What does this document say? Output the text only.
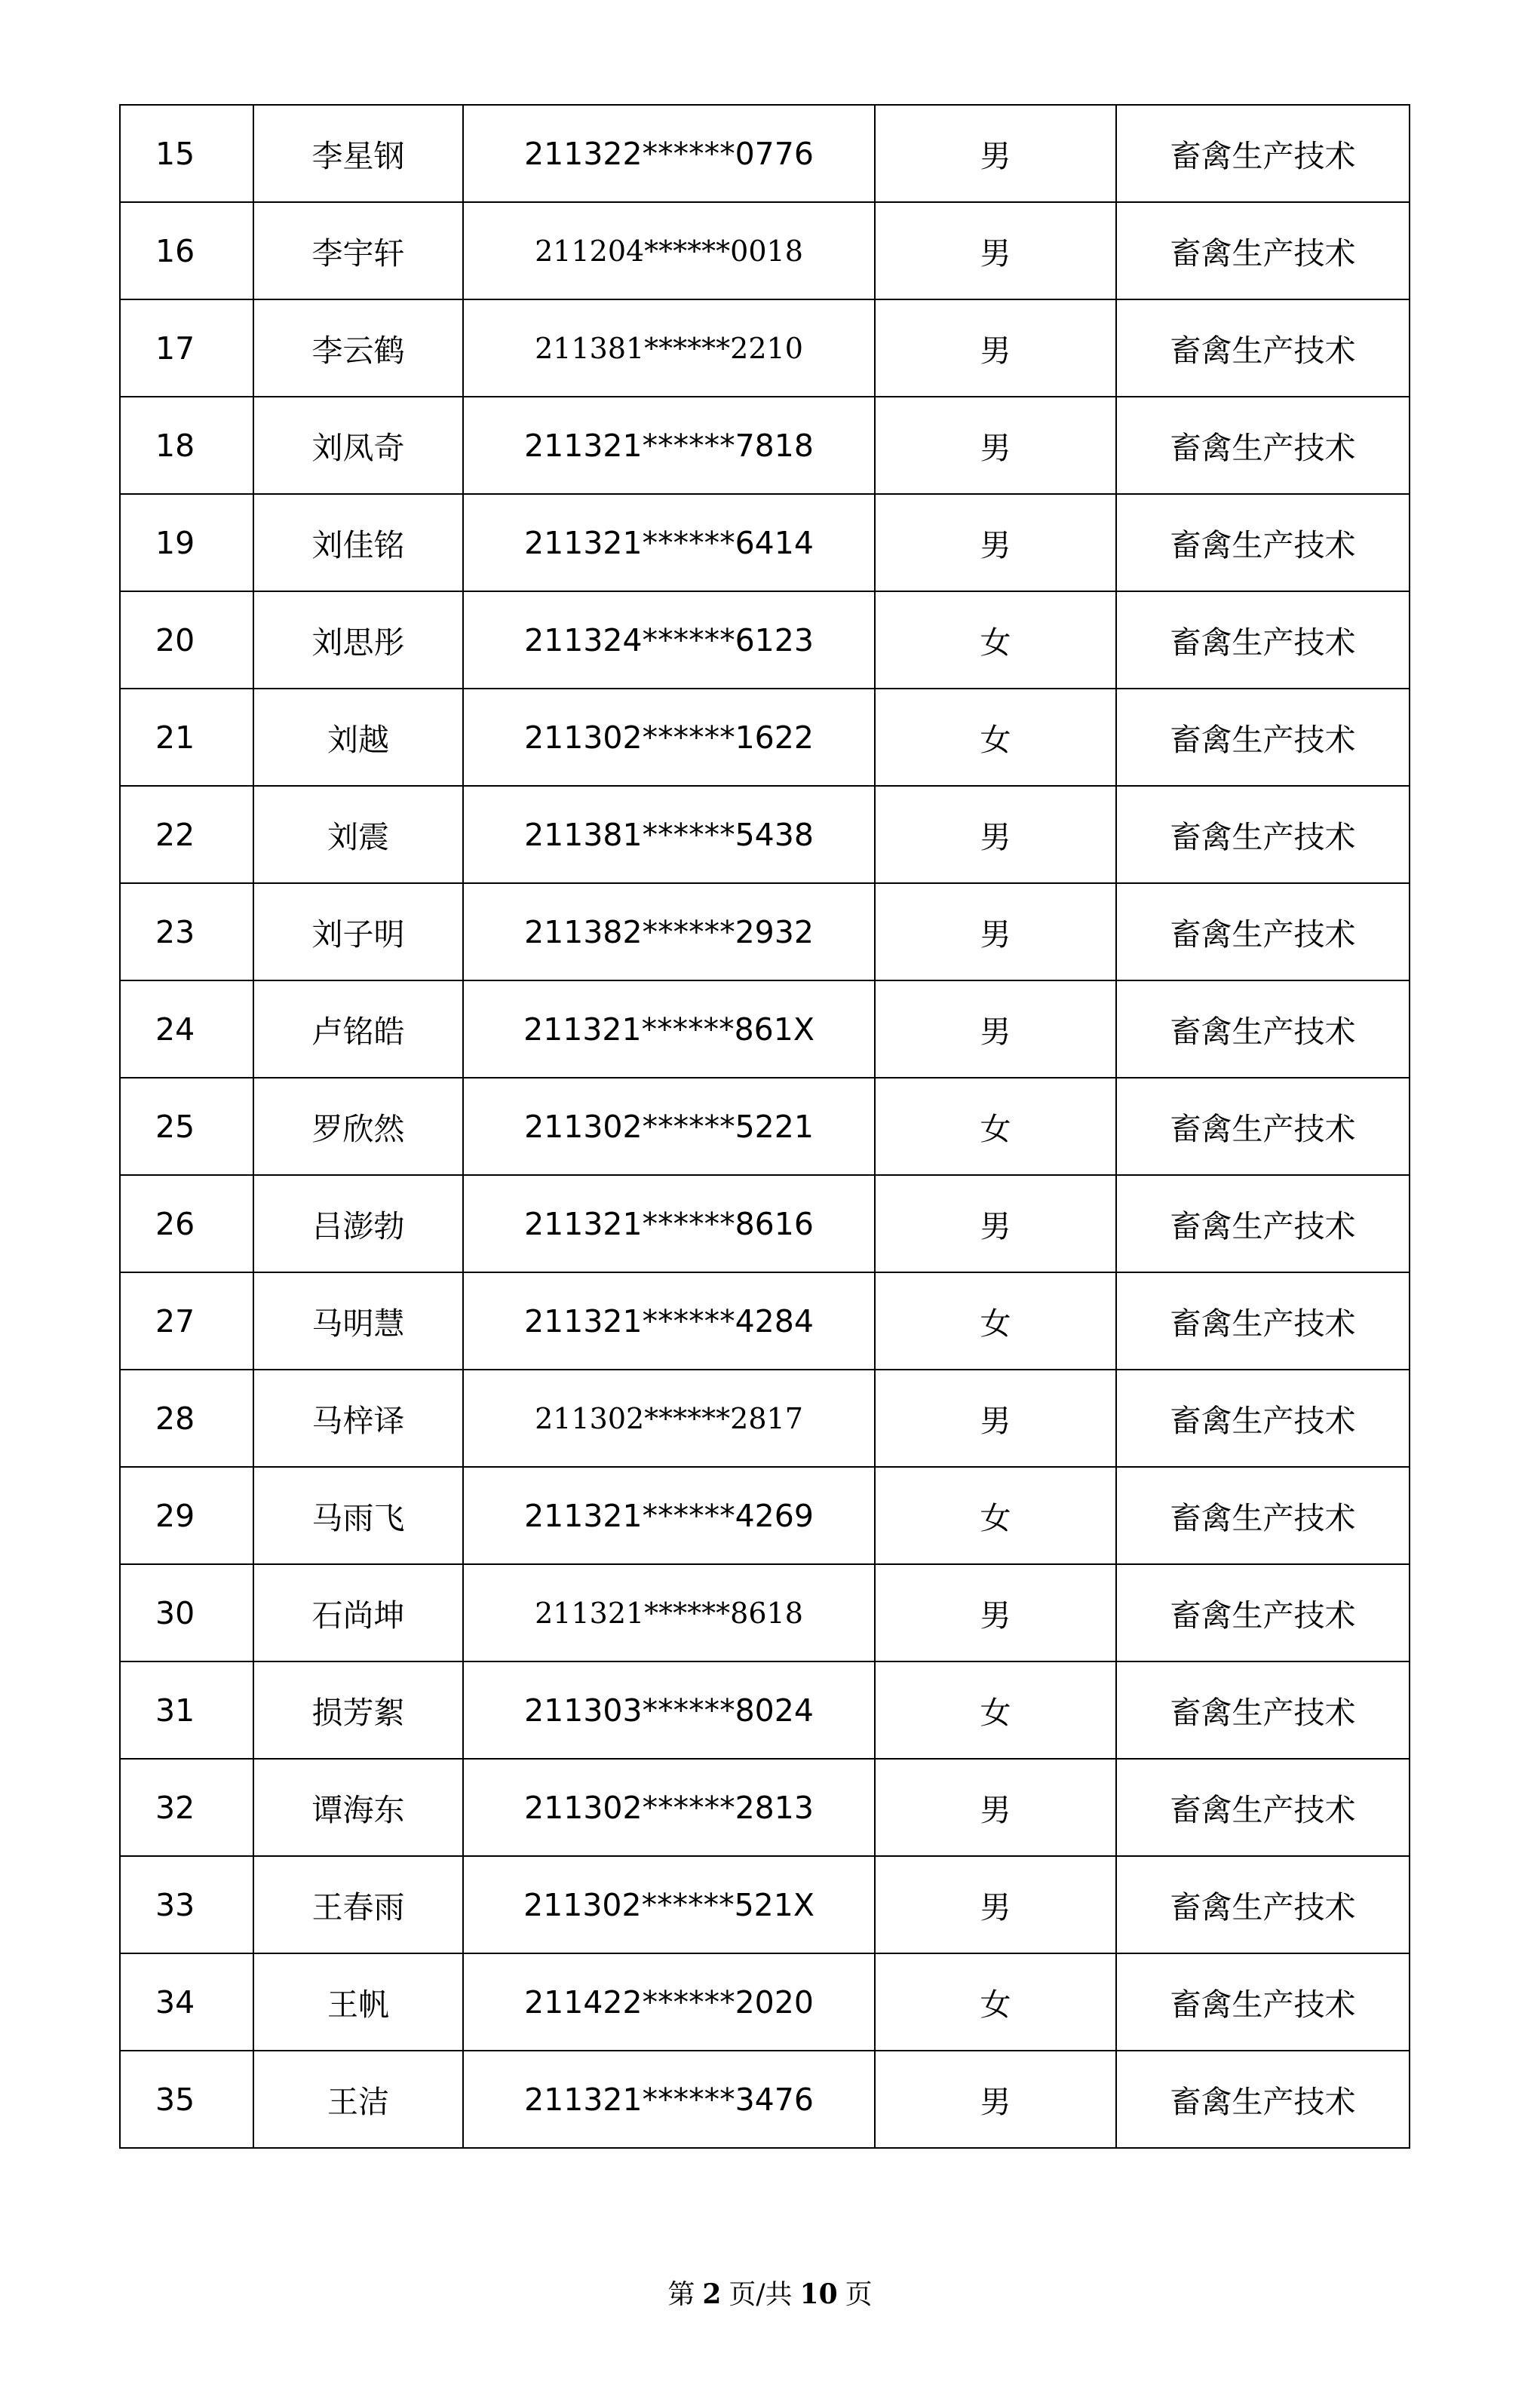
15	李星钢	211322******0776	男	畜禽生产技术
16	李宇轩	211204******0018	男	畜禽生产技术
17	李云鹤	211381******2210	男	畜禽生产技术
18	刘凤奇	211321******7818	男	畜禽生产技术
19	刘佳铭	211321******6414	男	畜禽生产技术
20	刘思彤	211324******6123	女	畜禽生产技术
21	刘越	211302******1622	女	畜禽生产技术
22	刘震	211381******5438	男	畜禽生产技术
23	刘子明	211382******2932	男	畜禽生产技术
24	卢铭皓	211321******861X	男	畜禽生产技术
25	罗欣然	211302******5221	女	畜禽生产技术
26	吕澎勃	211321******8616	男	畜禽生产技术
27	马明慧	211321******4284	女	畜禽生产技术
28	马梓译	211302******2817	男	畜禽生产技术
29	马雨飞	211321******4269	女	畜禽生产技术
30	石尚坤	211321******8618	男	畜禽生产技术
31	损芳絮	211303******8024	女	畜禽生产技术
32	谭海东	211302******2813	男	畜禽生产技术
33	王春雨	211302******521X	男	畜禽生产技术
34	王帆	211422******2020	女	畜禽生产技术
35	王洁	211321******3476	男	畜禽生产技术
第 2 页/共 10 页
